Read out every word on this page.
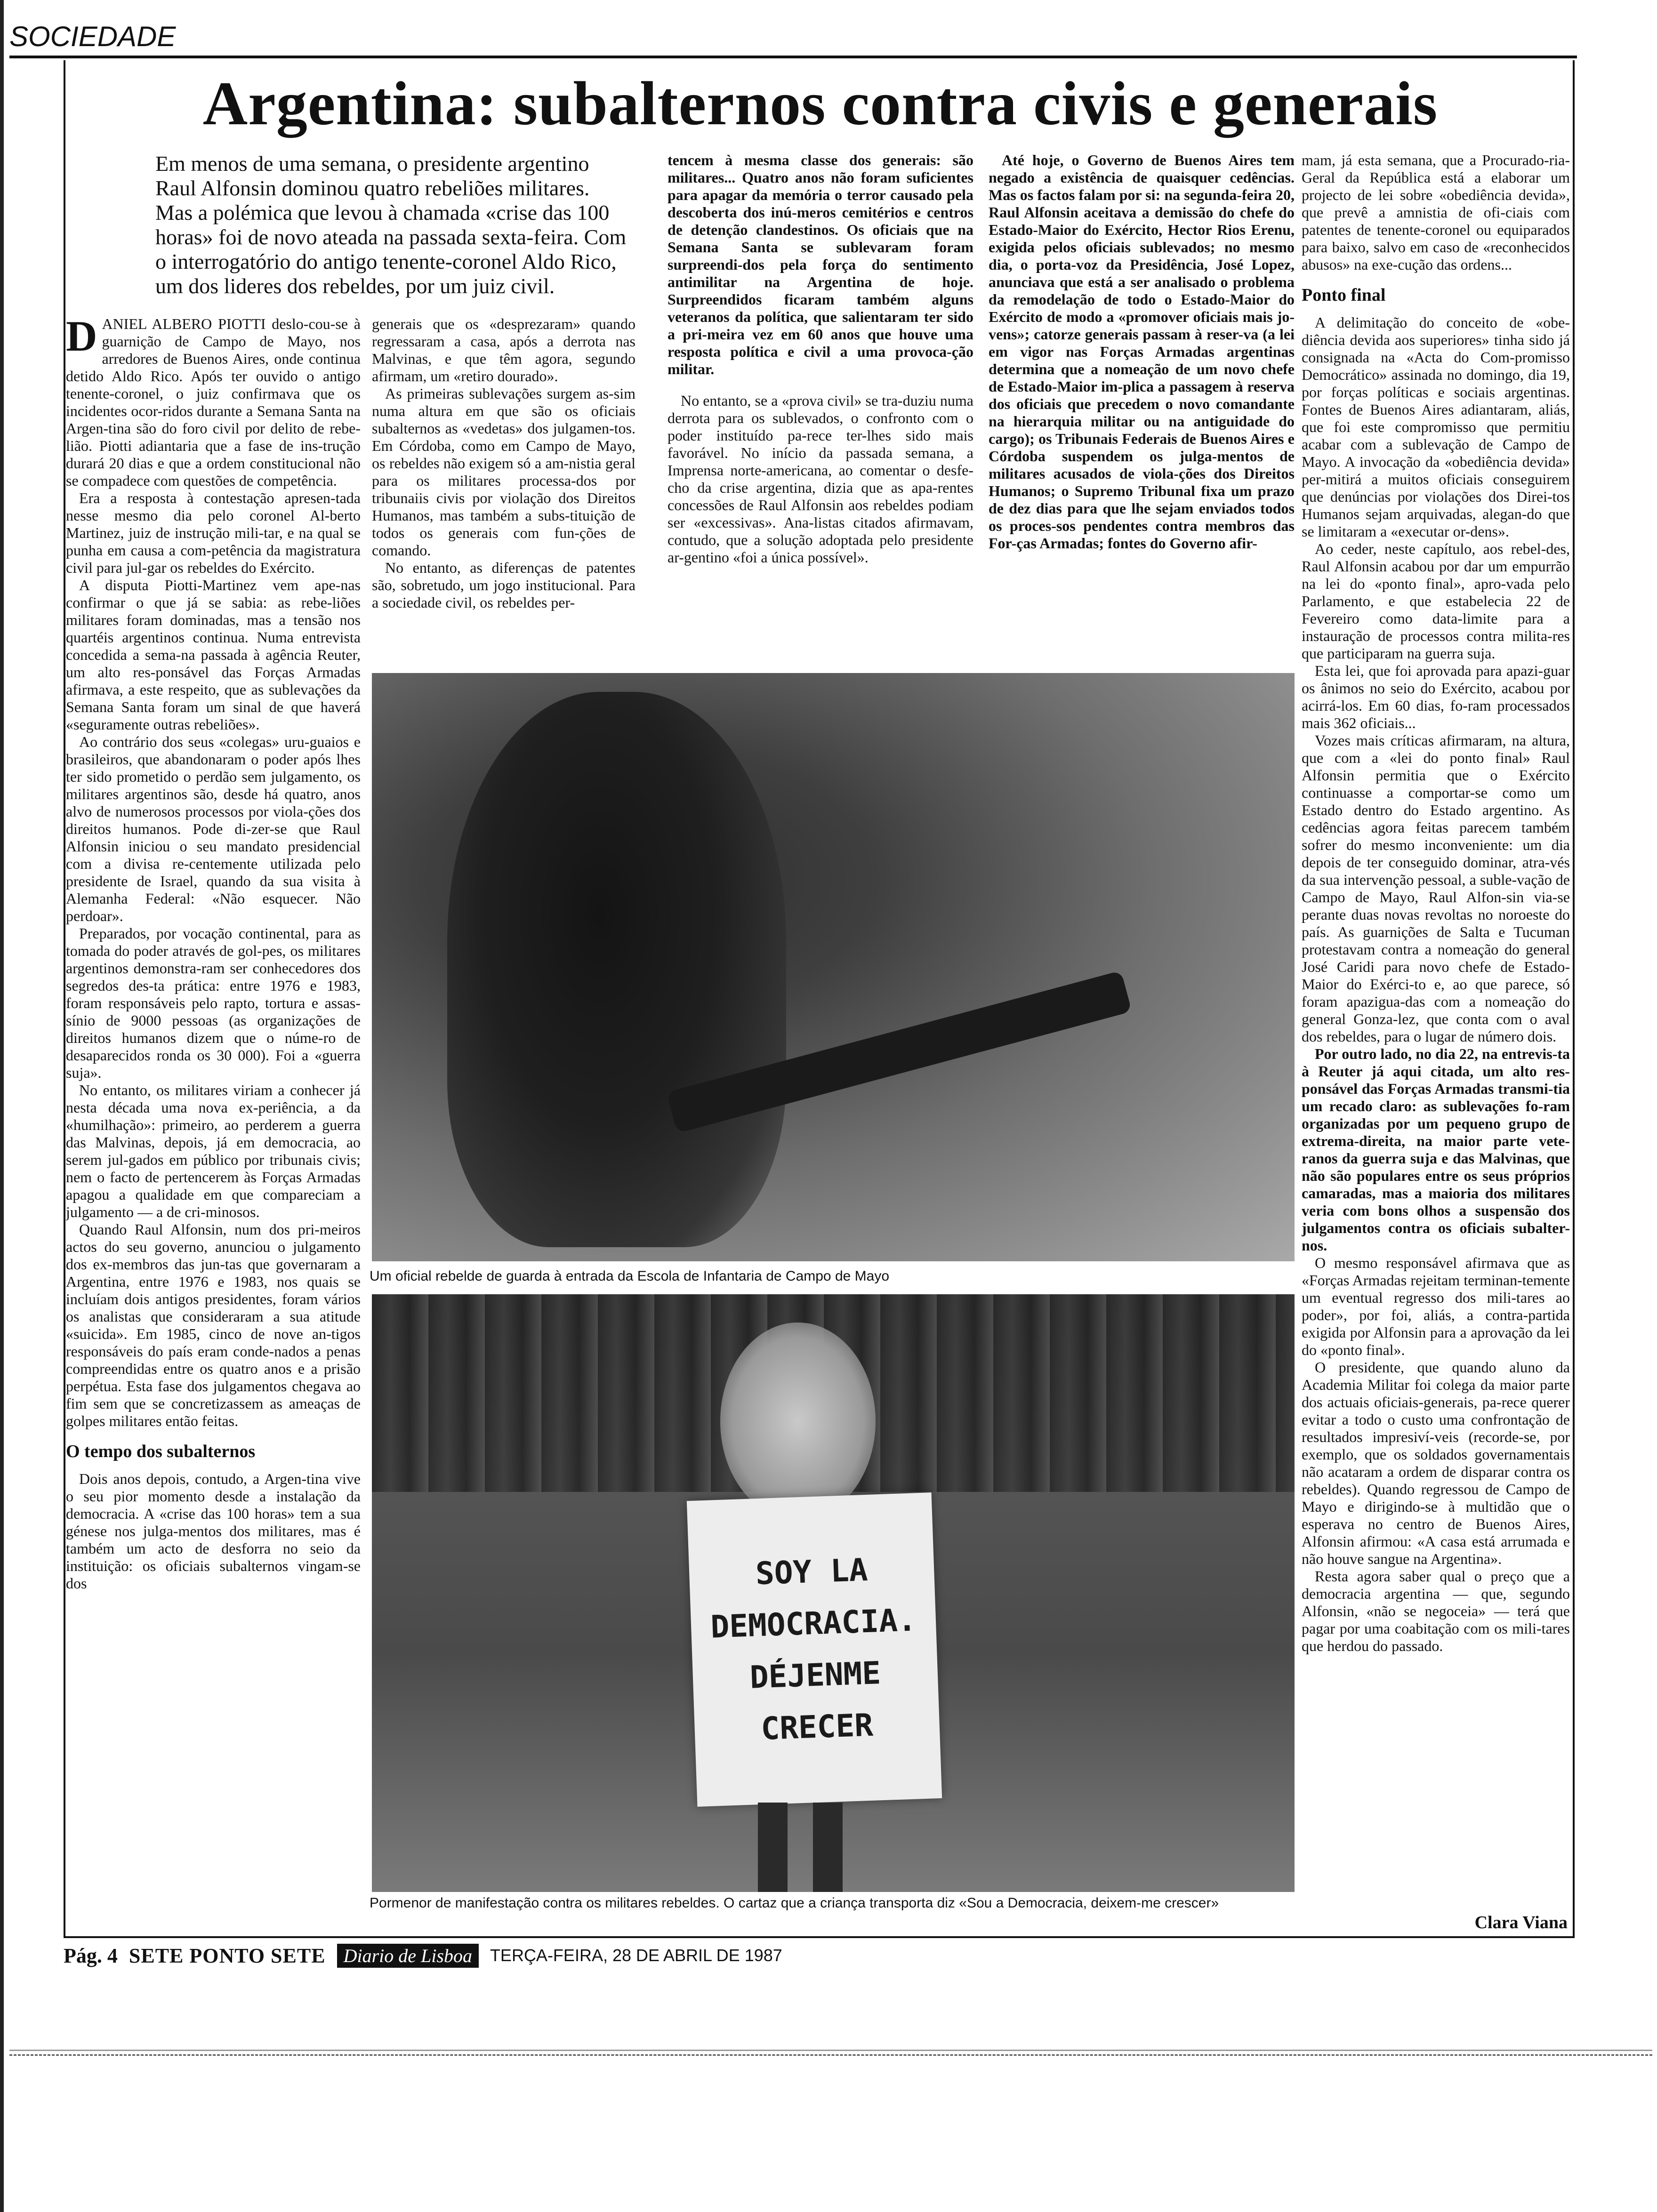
SOCIEDADE
Argentina: subalternos contra civis e generais
Em menos de uma semana, o presidente argentino Raul Alfonsin dominou quatro rebeliões militares. Mas a polémica que levou à chamada «crise das 100 horas» foi de novo ateada na passada sexta-feira. Com o interrogatório do antigo tenente-coronel Aldo Rico, um dos lideres dos rebeldes, por um juiz civil.

DANIEL ALBERO PIOTTI deslo-cou-se à guarnição de Campo de Mayo, nos arredores de Buenos Aires, onde continua detido Aldo Rico. Após ter ouvido o antigo tenente-coronel, o juiz confirmava que os incidentes ocor-ridos durante a Semana Santa na Argen-tina são do foro civil por delito de rebe-lião. Piotti adiantaria que a fase de ins-trução durará 20 dias e que a ordem constitucional não se compadece com questões de competência.

Era a resposta à contestação apresen-tada nesse mesmo dia pelo coronel Al-berto Martinez, juiz de instrução mili-tar, e na qual se punha em causa a com-petência da magistratura civil para jul-gar os rebeldes do Exército.

A disputa Piotti-Martinez vem ape-nas confirmar o que já se sabia: as rebe-liões militares foram dominadas, mas a tensão nos quartéis argentinos continua. Numa entrevista concedida a sema-na passada à agência Reuter, um alto res-ponsável das Forças Armadas afirmava, a este respeito, que as sublevações da Semana Santa foram um sinal de que haverá «seguramente outras rebeliões».

Ao contrário dos seus «colegas» uru-guaios e brasileiros, que abandonaram o poder após lhes ter sido prometido o perdão sem julgamento, os militares argentinos são, desde há quatro, anos alvo de numerosos processos por viola-ções dos direitos humanos. Pode di-zer-se que Raul Alfonsin iniciou o seu mandato presidencial com a divisa re-centemente utilizada pelo presidente de Israel, quando da sua visita à Alemanha Federal: «Não esquecer. Não perdoar».

Preparados, por vocação continental, para as tomada do poder através de gol-pes, os militares argentinos demonstra-ram ser conhecedores dos segredos des-ta prática: entre 1976 e 1983, foram responsáveis pelo rapto, tortura e assas-sínio de 9000 pessoas (as organizações de direitos humanos dizem que o núme-ro de desaparecidos ronda os 30 000). Foi a «guerra suja».

No entanto, os militares viriam a conhecer já nesta década uma nova ex-periência, a da «humilhação»: primeiro, ao perderem a guerra das Malvinas, depois, já em democracia, ao serem jul-gados em público por tribunais civis; nem o facto de pertencerem às Forças Armadas apagou a qualidade em que compareciam a julgamento — a de cri-minosos.

Quando Raul Alfonsin, num dos pri-meiros actos do seu governo, anunciou o julgamento dos ex-membros das jun-tas que governaram a Argentina, entre 1976 e 1983, nos quais se incluíam dois antigos presidentes, foram vários os analistas que consideraram a sua atitude «suicida». Em 1985, cinco de nove an-tigos responsáveis do país eram conde-nados a penas compreendidas entre os quatro anos e a prisão perpétua. Esta fase dos julgamentos chegava ao fim sem que se concretizassem as ameaças de golpes militares então feitas.

O tempo dos subalternos

Dois anos depois, contudo, a Argen-tina vive o seu pior momento desde a instalação da democracia. A «crise das 100 horas» tem a sua génese nos julga-mentos dos militares, mas é também um acto de desforra no seio da instituição: os oficiais subalternos vingam-se dos

generais que os «desprezaram» quando regressaram a casa, após a derrota nas Malvinas, e que têm agora, segundo afirmam, um «retiro dourado».

As primeiras sublevações surgem as-sim numa altura em que são os oficiais subalternos as «vedetas» dos julgamen-tos. Em Córdoba, como em Campo de Mayo, os rebeldes não exigem só a am-nistia geral para os militares processa-dos por tribunaiis civis por violação dos Direitos Humanos, mas também a subs-tituição de todos os generais com fun-ções de comando.

No entanto, as diferenças de patentes são, sobretudo, um jogo institucional. Para a sociedade civil, os rebeldes per-

tencem à mesma classe dos generais: são militares... Quatro anos não foram suficientes para apagar da memória o terror causado pela descoberta dos inú-meros cemitérios e centros de detenção clandestinos. Os oficiais que na Semana Santa se sublevaram foram surpreendi-dos pela força do sentimento antimilitar na Argentina de hoje. Surpreendidos ficaram também alguns veteranos da política, que salientaram ter sido a pri-meira vez em 60 anos que houve uma resposta política e civil a uma provoca-ção militar.

No entanto, se a «prova civil» se tra-duziu numa derrota para os sublevados, o confronto com o poder instituído pa-rece ter-lhes sido mais favorável. No início da passada semana, a Imprensa norte-americana, ao comentar o desfe-cho da crise argentina, dizia que as apa-rentes concessões de Raul Alfonsin aos rebeldes podiam ser «excessivas». Ana-listas citados afirmavam, contudo, que a solução adoptada pelo presidente ar-gentino «foi a única possível».

Até hoje, o Governo de Buenos Aires tem negado a existência de quaisquer cedências. Mas os factos falam por si: na segunda-feira 20, Raul Alfonsin aceitava a demissão do chefe do Estado-Maior do Exército, Hector Rios Erenu, exigida pelos oficiais sublevados; no mesmo dia, o porta-voz da Presidência, José Lopez, anunciava que está a ser analisado o problema da remodelação de todo o Estado-Maior do Exército de modo a «promover oficiais mais jo-vens»; catorze generais passam à reser-va (a lei em vigor nas Forças Armadas argentinas determina que a nomeação de um novo chefe de Estado-Maior im-plica a passagem à reserva dos oficiais que precedem o novo comandante na hierarquia militar ou na antiguidade do cargo); os Tribunais Federais de Buenos Aires e Córdoba suspendem os julga-mentos de militares acusados de viola-ções dos Direitos Humanos; o Supremo Tribunal fixa um prazo de dez dias para que lhe sejam enviados todos os proces-sos pendentes contra membros das For-ças Armadas; fontes do Governo afir-

mam, já esta semana, que a Procurado-ria-Geral da República está a elaborar um projecto de lei sobre «obediência devida», que prevê a amnistia de ofi-ciais com patentes de tenente-coronel ou equiparados para baixo, salvo em caso de «reconhecidos abusos» na exe-cução das ordens...

Ponto final

A delimitação do conceito de «obe-diência devida aos superiores» tinha sido já consignada na «Acta do Com-promisso Democrático» assinada no domingo, dia 19, por forças políticas e sociais argentinas. Fontes de Buenos Aires adiantaram, aliás, que foi este compromisso que permitiu acabar com a sublevação de Campo de Mayo. A invocação da «obediência devida» per-mitirá a muitos oficiais conseguirem que denúncias por violações dos Direi-tos Humanos sejam arquivadas, alegan-do que se limitaram a «executar or-dens».

Ao ceder, neste capítulo, aos rebel-des, Raul Alfonsin acabou por dar um empurrão na lei do «ponto final», apro-vada pelo Parlamento, e que estabelecia 22 de Fevereiro como data-limite para a instauração de processos contra milita-res que participaram na guerra suja.

Esta lei, que foi aprovada para apazi-guar os ânimos no seio do Exército, acabou por acirrá-los. Em 60 dias, fo-ram processados mais 362 oficiais...

Vozes mais críticas afirmaram, na altura, que com a «lei do ponto final» Raul Alfonsin permitia que o Exército continuasse a comportar-se como um Estado dentro do Estado argentino. As cedências agora feitas parecem também sofrer do mesmo inconveniente: um dia depois de ter conseguido dominar, atra-vés da sua intervenção pessoal, a suble-vação de Campo de Mayo, Raul Alfon-sin via-se perante duas novas revoltas no noroeste do país. As guarnições de Salta e Tucuman protestavam contra a nomeação do general José Caridi para novo chefe de Estado-Maior do Exérci-to e, ao que parece, só foram apazigua-das com a nomeação do general Gonza-lez, que conta com o aval dos rebeldes, para o lugar de número dois.

Por outro lado, no dia 22, na entrevis-ta à Reuter já aqui citada, um alto res-ponsável das Forças Armadas transmi-tia um recado claro: as sublevações fo-ram organizadas por um pequeno grupo de extrema-direita, na maior parte vete-ranos da guerra suja e das Malvinas, que não são populares entre os seus próprios camaradas, mas a maioria dos militares veria com bons olhos a suspensão dos julgamentos contra os oficiais subalter-nos.

O mesmo responsável afirmava que as «Forças Armadas rejeitam terminan-temente um eventual regresso dos mili-tares ao poder», por foi, aliás, a contra-partida exigida por Alfonsin para a aprovação da lei do «ponto final».

O presidente, que quando aluno da Academia Militar foi colega da maior parte dos actuais oficiais-generais, pa-rece querer evitar a todo o custo uma confrontação de resultados impresiví-veis (recorde-se, por exemplo, que os soldados governamentais não acataram a ordem de disparar contra os rebeldes). Quando regressou de Campo de Mayo e dirigindo-se à multidão que o esperava no centro de Buenos Aires, Alfonsin afirmou: «A casa está arrumada e não houve sangue na Argentina».

Resta agora saber qual o preço que a democracia argentina — que, segundo Alfonsin, «não se negoceia» — terá que pagar por uma coabitação com os mili-tares que herdou do passado.

Um oficial rebelde de guarda à entrada da Escola de Infantaria de Campo de Mayo
SOY LA
DEMOCRACIA.
DÉJENME
CRECER
Pormenor de manifestação contra os militares rebeldes. O cartaz que a criança transporta diz «Sou a Democracia, deixem-me crescer»
Clara Viana
Pág. 4 SETE PONTO SETE Diario de Lisboa	TERÇA-FEIRA, 28 DE ABRIL DE 1987
